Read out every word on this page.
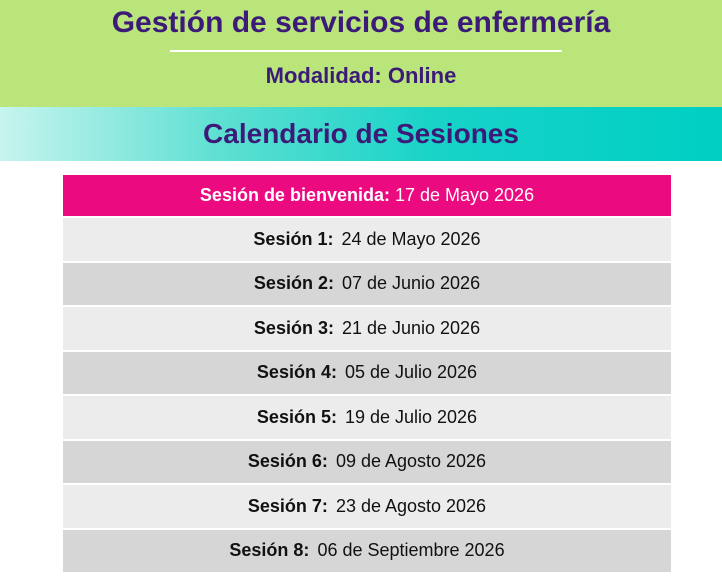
Gestión de servicios de enfermería
Modalidad: Online
Calendario de Sesiones
Sesión de bienvenida: 17 de Mayo 2026
Sesión 1: 24 de Mayo 2026
Sesión 2: 07 de Junio 2026
Sesión 3: 21 de Junio 2026
Sesión 4: 05 de Julio 2026
Sesión 5: 19 de Julio 2026
Sesión 6: 09 de Agosto 2026
Sesión 7: 23 de Agosto 2026
Sesión 8: 06 de Septiembre 2026
